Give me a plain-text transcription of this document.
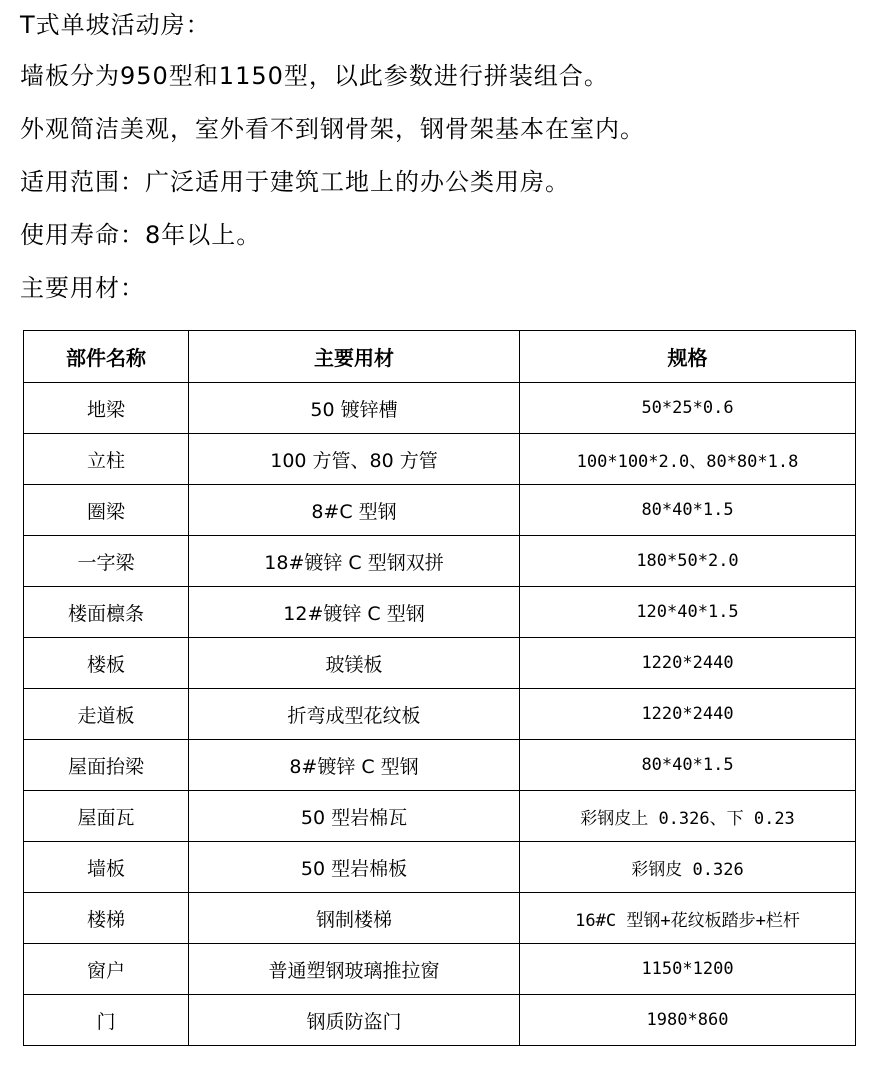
T式单坡活动房：

墙板分为950型和1150型，以此参数进行拼装组合。

外观简洁美观，室外看不到钢骨架，钢骨架基本在室内。

适用范围：广泛适用于建筑工地上的办公类用房。

使用寿命：8年以上。

主要用材：

部件名称	主要用材	规格
地梁	50 镀锌槽	50*25*0.6
立柱	100 方管、80 方管	100*100*2.0、80*80*1.8
圈梁	8#C 型钢	80*40*1.5
一字梁	18#镀锌 C 型钢双拼	180*50*2.0
楼面檩条	12#镀锌 C 型钢	120*40*1.5
楼板	玻镁板	1220*2440
走道板	折弯成型花纹板	1220*2440
屋面抬梁	8#镀锌 C 型钢	80*40*1.5
屋面瓦	50 型岩棉瓦	彩钢皮上 0.326、下 0.23
墙板	50 型岩棉板	彩钢皮 0.326
楼梯	钢制楼梯	16#C 型钢+花纹板踏步+栏杆
窗户	普通塑钢玻璃推拉窗	1150*1200
门	钢质防盗门	1980*860
